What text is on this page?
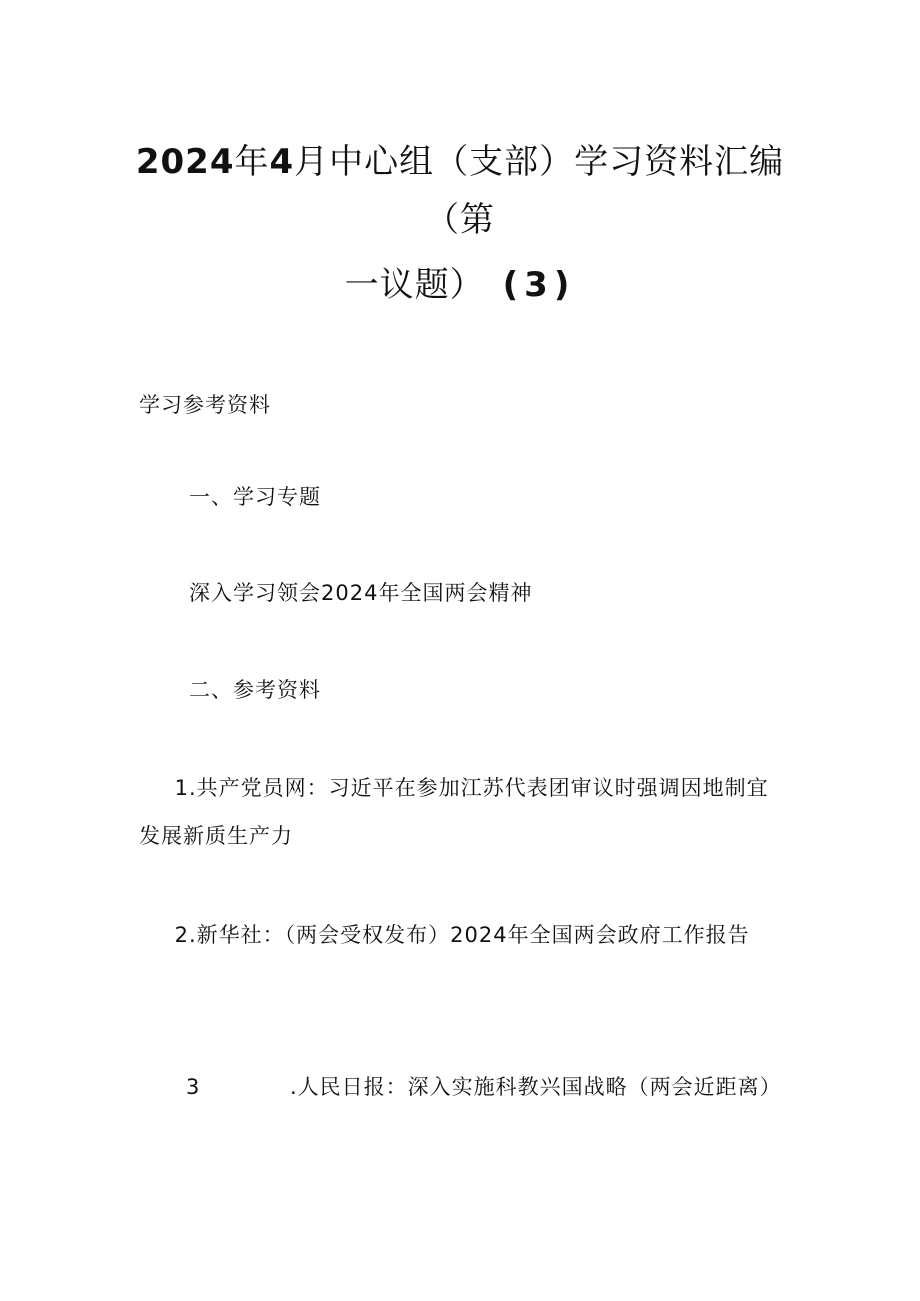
2024年4月中心组（支部）学习资料汇编
（第
一议题） (3)
学习参考资料
一、学习专题
深入学习领会2024年全国两会精神
二、参考资料
1.共产党员网：习近平在参加江苏代表团审议时强调因地制宜发展新质生产力
2.新华社：（两会受权发布）2024年全国两会政府工作报告
3	.人民日报：深入实施科教兴国战略（两会近距离）
